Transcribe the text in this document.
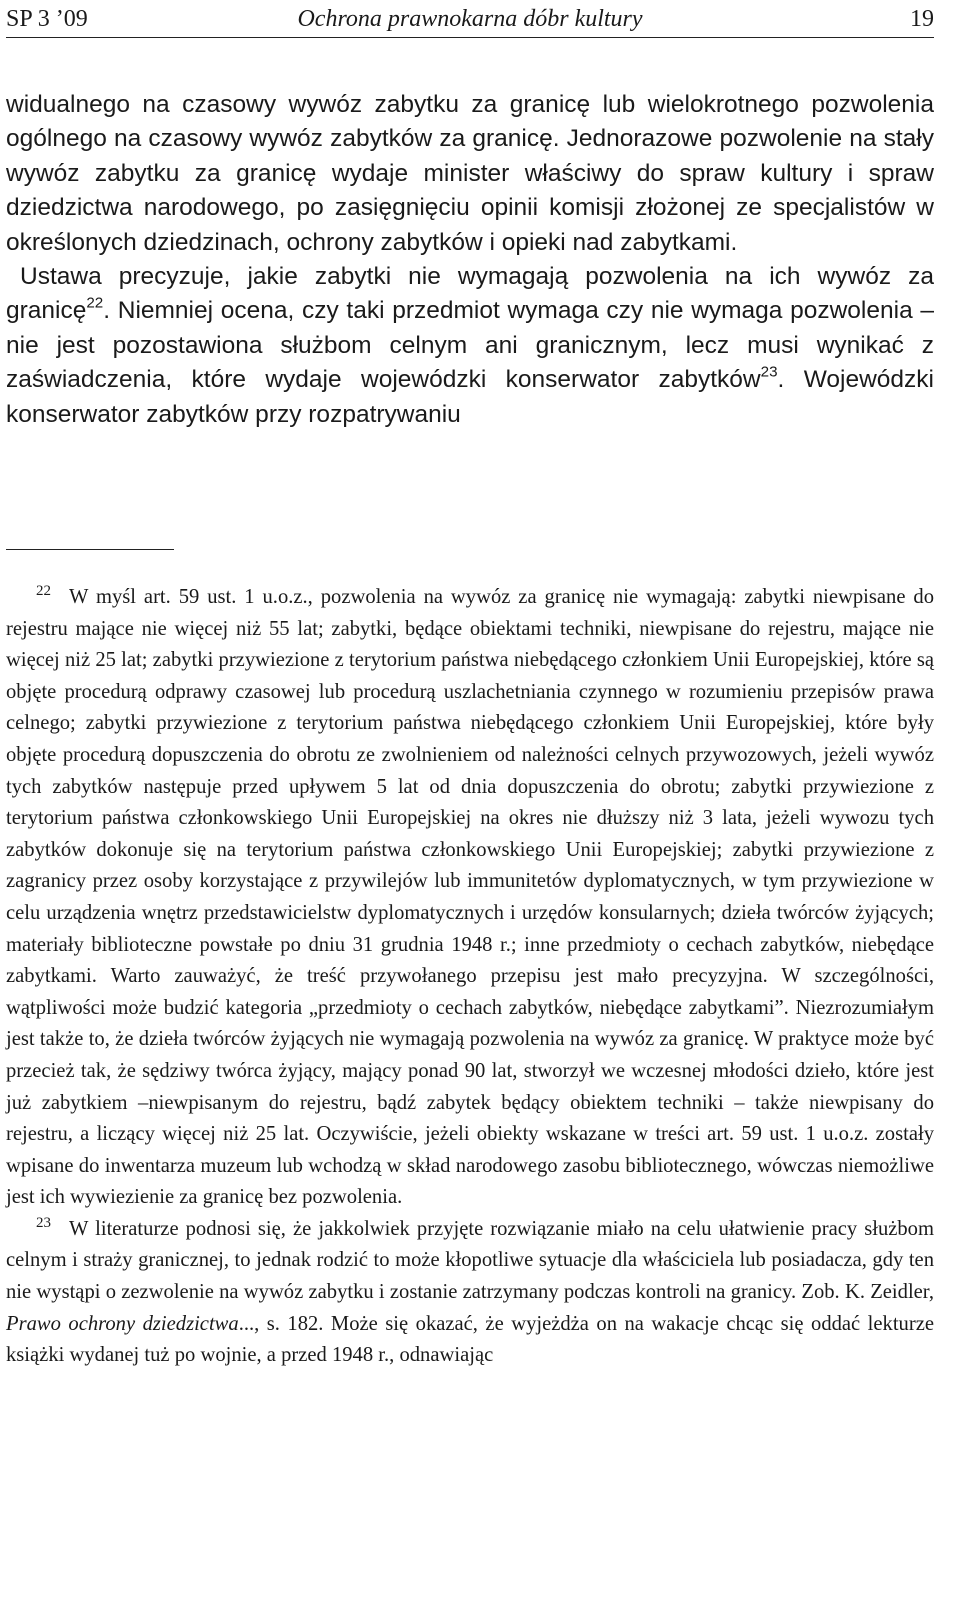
SP 3 ’09	Ochrona prawnokarna dóbr kultury	19

widualnego na czasowy wywóz zabytku za granicę lub wielokrotnego pozwolenia ogólnego na czasowy wywóz zabytków za granicę. Jednorazowe pozwolenie na stały wywóz zabytku za granicę wydaje minister właściwy do spraw kultury i spraw dziedzictwa narodowego, po zasięgnięciu opinii komisji złożonej ze specjalistów w określonych dziedzinach, ochrony zabytków i opieki nad zabytkami.

Ustawa precyzuje, jakie zabytki nie wymagają pozwolenia na ich wywóz za granicę$^{22}$. Niemniej ocena, czy taki przedmiot wymaga czy nie wymaga pozwolenia – nie jest pozostawiona służbom celnym ani granicznym, lecz musi wynikać z zaświadczenia, które wydaje wojewódzki konserwator zabytków$^{23}$. Wojewódzki konserwator zabytków przy rozpatrywaniu

$^{22}$ W myśl art. 59 ust. 1 u.o.z., pozwolenia na wywóz za granicę nie wymagają: zabytki niewpisane do rejestru mające nie więcej niż 55 lat; zabytki, będące obiektami techniki, niewpisane do rejestru, mające nie więcej niż 25 lat; zabytki przywiezione z terytorium państwa niebędącego członkiem Unii Europejskiej, które są objęte procedurą odprawy czasowej lub procedurą uszlachetniania czynnego w rozumieniu przepisów prawa celnego; zabytki przywiezione z terytorium państwa niebędącego członkiem Unii Europejskiej, które były objęte procedurą dopuszczenia do obrotu ze zwolnieniem od należności celnych przywozowych, jeżeli wywóz tych zabytków następuje przed upływem 5 lat od dnia dopuszczenia do obrotu; zabytki przywiezione z terytorium państwa członkowskiego Unii Europejskiej na okres nie dłuższy niż 3 lata, jeżeli wywozu tych zabytków dokonuje się na terytorium państwa członkowskiego Unii Europejskiej; zabytki przywiezione z zagranicy przez osoby korzystające z przywilejów lub immunitetów dyplomatycznych, w tym przywiezione w celu urządzenia wnętrz przedstawicielstw dyplomatycznych i urzędów konsularnych; dzieła twórców żyjących; materiały biblioteczne powstałe po dniu 31 grudnia 1948 r.; inne przedmioty o cechach zabytków, niebędące zabytkami. Warto zauważyć, że treść przywołanego przepisu jest mało precyzyjna. W szczególności, wątpliwości może budzić kategoria „przedmioty o cechach zabytków, niebędące zabytkami”. Niezrozumiałym jest także to, że dzieła twórców żyjących nie wymagają pozwolenia na wywóz za granicę. W praktyce może być przecież tak, że sędziwy twórca żyjący, mający ponad 90 lat, stworzył we wczesnej młodości dzieło, które jest już zabytkiem –niewpisanym do rejestru, bądź zabytek będący obiektem techniki – także niewpisany do rejestru, a liczący więcej niż 25 lat. Oczywiście, jeżeli obiekty wskazane w treści art. 59 ust. 1 u.o.z. zostały wpisane do inwentarza muzeum lub wchodzą w skład narodowego zasobu bibliotecznego, wówczas niemożliwe jest ich wywiezienie za granicę bez pozwolenia.

$^{23}$ W literaturze podnosi się, że jakkolwiek przyjęte rozwiązanie miało na celu ułatwienie pracy służbom celnym i straży granicznej, to jednak rodzić to może kłopotliwe sytuacje dla właściciela lub posiadacza, gdy ten nie wystąpi o zezwolenie na wywóz zabytku i zostanie zatrzymany podczas kontroli na granicy. Zob. K. Zeidler, Prawo ochrony dziedzictwa..., s. 182. Może się okazać, że wyjeżdża on na wakacje chcąc się oddać lekturze książki wydanej tuż po wojnie, a przed 1948 r., odnawiając
